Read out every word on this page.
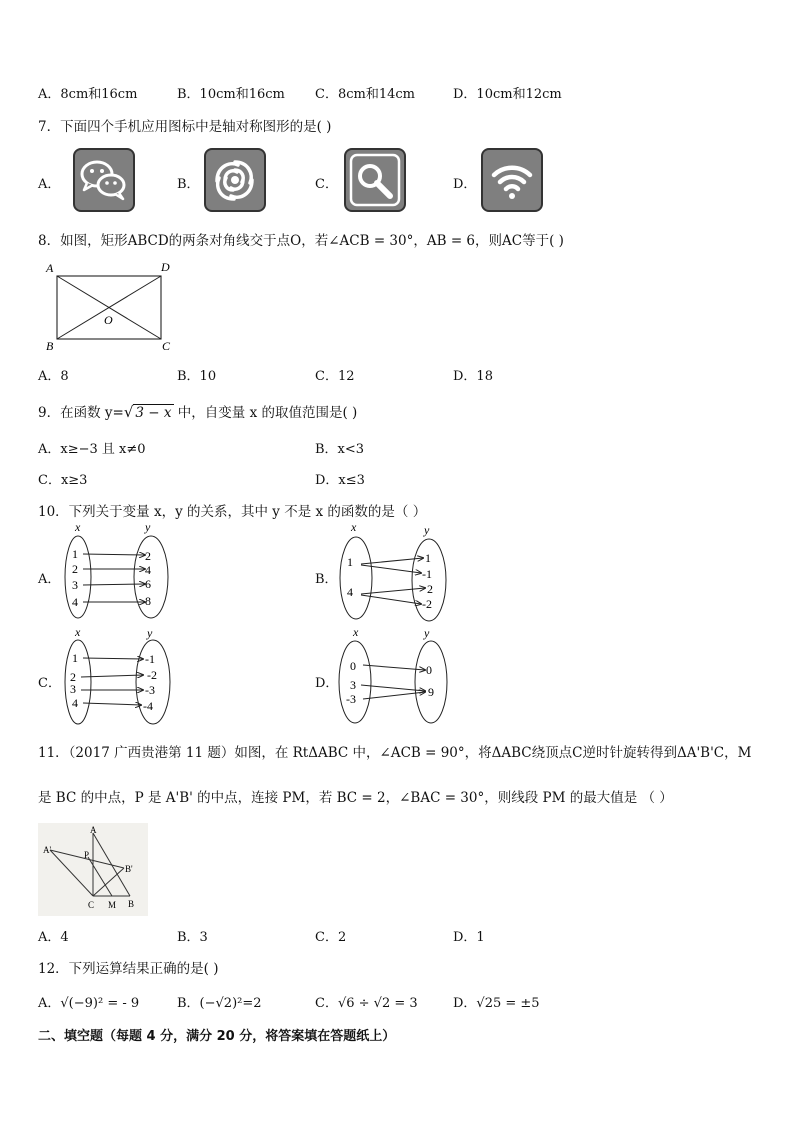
A．8cm和16cm	B．10cm和16cm C．8cm和14cm	D．10cm和12cm
7．下面四个手机应用图标中是轴对称图形的是( )
A．	B．	C．	D．
8．如图，矩形ABCD的两条对角线交于点O，若∠ACB = 30°，AB = 6，则AC等于( )
A	D
O
B	C
A．8	B．10	C．12	D．18
9．在函数 y=√ 3 − x 中，自变量 x 的取值范围是( )
A．x≥−3 且 x≠0	B．x<3
C．x≥3	D．x≤3
10．下列关于变量 x，y 的关系，其中 y 不是 x 的函数的是（ ）
A．	B．
C．	D．
x	y
1
2
3
4
2
4
6
8
x	y
1
4
1
-1
2
-2
x	y
1
2
3
4
-1
-2
-3
-4
x	y
0
3
-3
0
9
11．（2017 广西贵港第 11 题）如图，在 RtΔABC 中，∠ACB = 90°，将ΔABC绕顶点C逆时针旋转得到ΔA'B'C，M
是 BC 的中点，P 是 A'B' 的中点，连接 PM，若 BC = 2，∠BAC = 30°，则线段 PM 的最大值是 （ ）
A
A'	P
B'
C M B
A．4	B．3	C．2	D．1
12．下列运算结果正确的是( )
A．√(−9)² = - 9	B．(−√2)²=2	C．√6 ÷ √2 = 3	D．√25 = ±5
二、填空题（每题 4 分，满分 20 分，将答案填在答题纸上）
